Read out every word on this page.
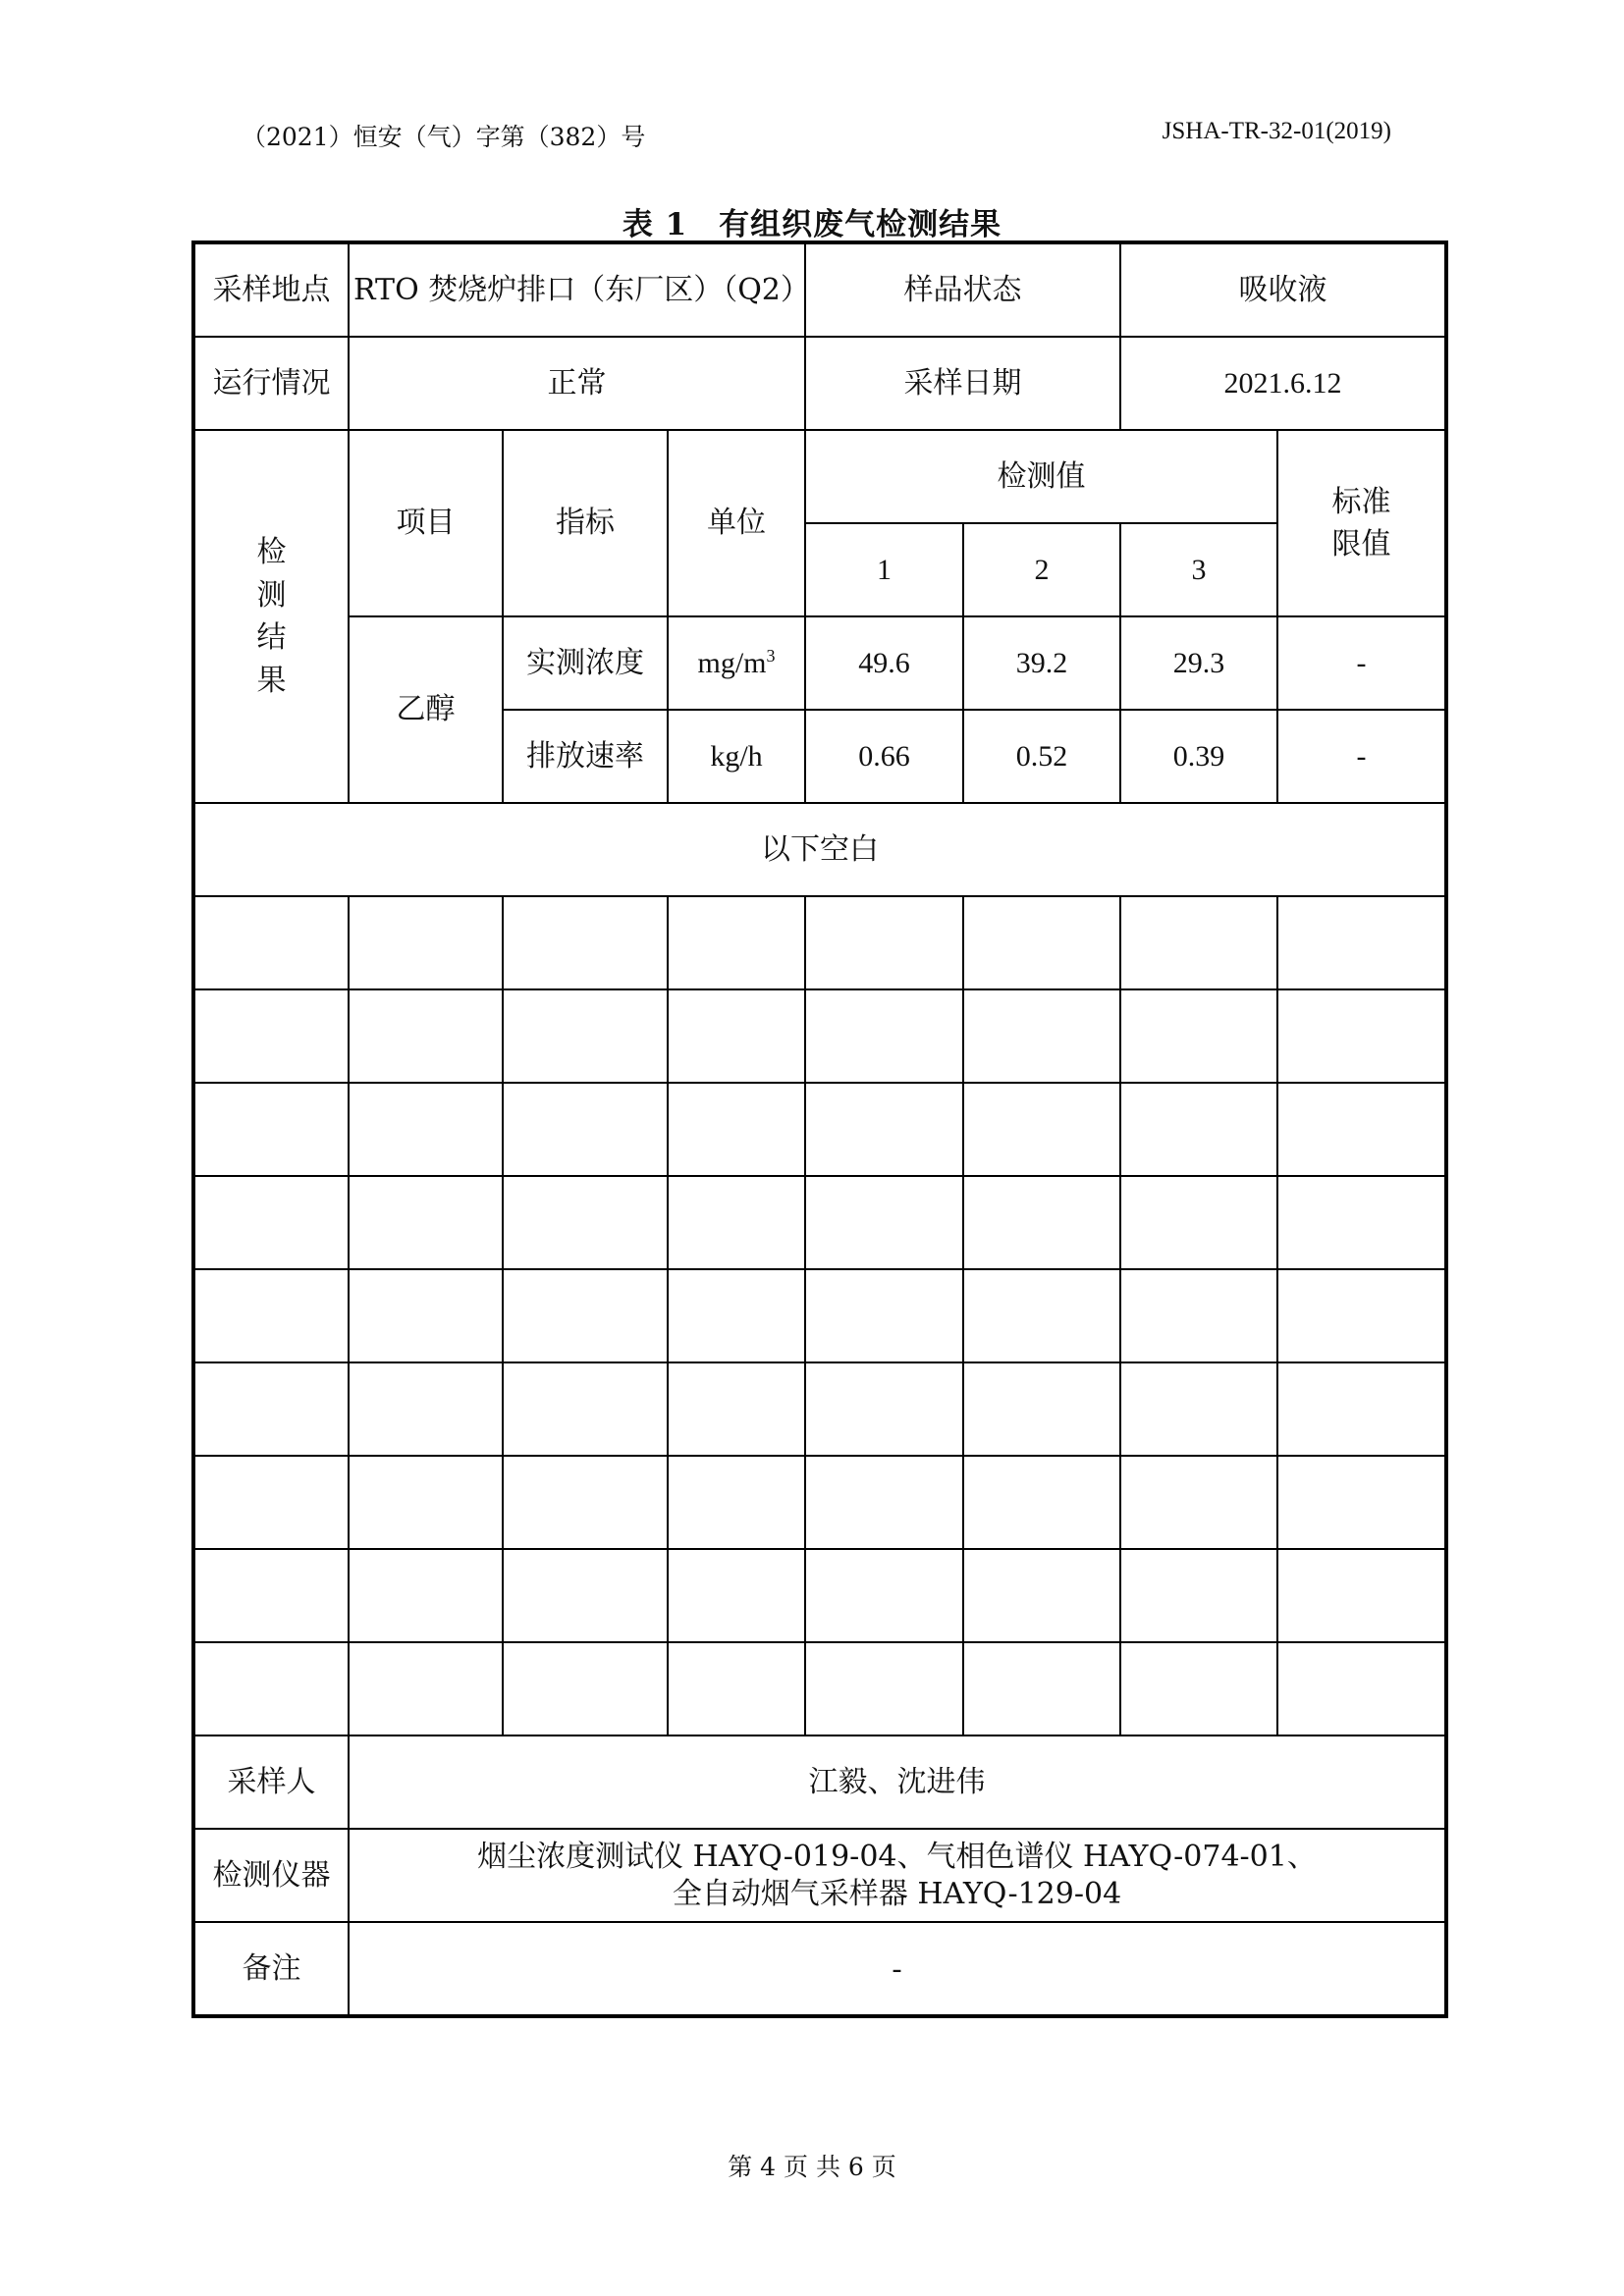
（2021）恒安（气）字第（382）号	JSHA-TR-32-01(2019)
表 1　有组织废气检测结果
采样地点	RTO 焚烧炉排口（东厂区）（Q2）			样品状态		吸收液	
运行情况	正常			采样日期		2021.6.12	
检测结果	项目	指标	单位	检测值			标准限值
				1	2	3	
	乙醇	实测浓度	$mg/m^3$	49.6	39.2	29.3	-
		排放速率	kg/h	0.66	0.52	0.39	-
以下空白							

采样人	江毅、沈进伟						
检测仪器	烟尘浓度测试仪 HAYQ-019-04、气相色谱仪 HAYQ-074-01、
全自动烟气采样器 HAYQ-129-04						

备注	-						
第 4 页 共 6 页
